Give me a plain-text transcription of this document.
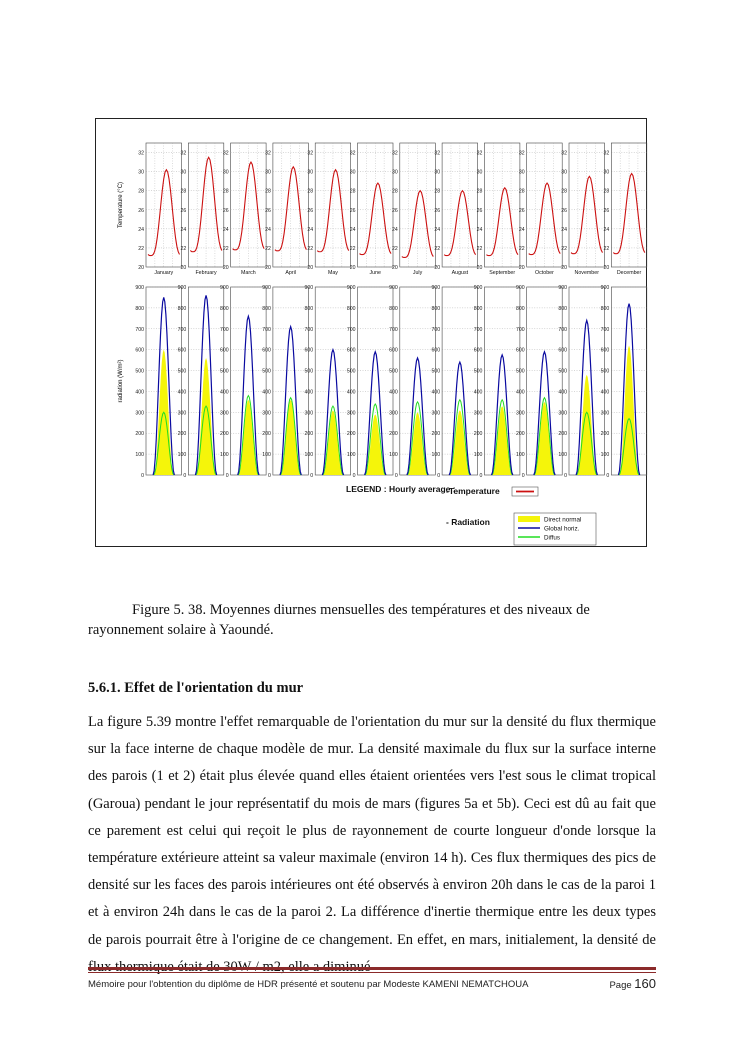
Temperature (°C)
radiation (W/m²)
20
22
24
26
28
30
32
January
0
100
200
300
400
500
600
700
800
900
20
22
24
26
28
30
32
February
0
100
200
300
400
500
600
700
800
900
20
22
24
26
28
30
32
March
0
100
200
300
400
500
600
700
800
900
20
22
24
26
28
30
32
April
0
100
200
300
400
500
600
700
800
900
20
22
24
26
28
30
32
May
0
100
200
300
400
500
600
700
800
900
20
22
24
26
28
30
32
June
0
100
200
300
400
500
600
700
800
900
20
22
24
26
28
30
32
July
0
100
200
300
400
500
600
700
800
900
20
22
24
26
28
30
32
August
0
100
200
300
400
500
600
700
800
900
20
22
24
26
28
30
32
September
0
100
200
300
400
500
600
700
800
900
20
22
24
26
28
30
32
October
0
100
200
300
400
500
600
700
800
900
20
22
24
26
28
30
32
November
0
100
200
300
400
500
600
700
800
900
20
22
24
26
28
30
32
December
0
100
200
300
400
500
600
700
800
900
LEGEND : Hourly average :
-Temperature
- Radiation	Direct normal
Global horiz.
Diffus
Figure 5. 38. Moyennes diurnes mensuelles des températures et des niveaux de rayonnement solaire à Yaoundé.
5.6.1. Effet de l'orientation du mur
La figure 5.39 montre l'effet remarquable de l'orientation du mur sur la densité du flux thermique sur la face interne de chaque modèle de mur. La densité maximale du flux sur la surface interne des parois (1 et 2) était plus élevée quand elles étaient orientées vers l'est sous le climat tropical (Garoua) pendant le jour représentatif du mois de mars (figures 5a et 5b). Ceci est dû au fait que ce parement est celui qui reçoit le plus de rayonnement de courte longueur d'onde lorsque la température extérieure atteint sa valeur maximale (environ 14 h). Ces flux thermiques des pics de densité sur les faces des parois intérieures ont été observés à environ 20h dans le cas de la paroi 1 et à environ 24h dans le cas de la paroi 2. La différence d'inertie thermique entre les deux types de parois pourrait être à l'origine de ce changement. En effet, en mars, initialement, la densité de
Mémoire pour l'obtention du diplôme de HDR présenté et soutenu par Modeste KAMENI NEMATCHOUA	Page 160
